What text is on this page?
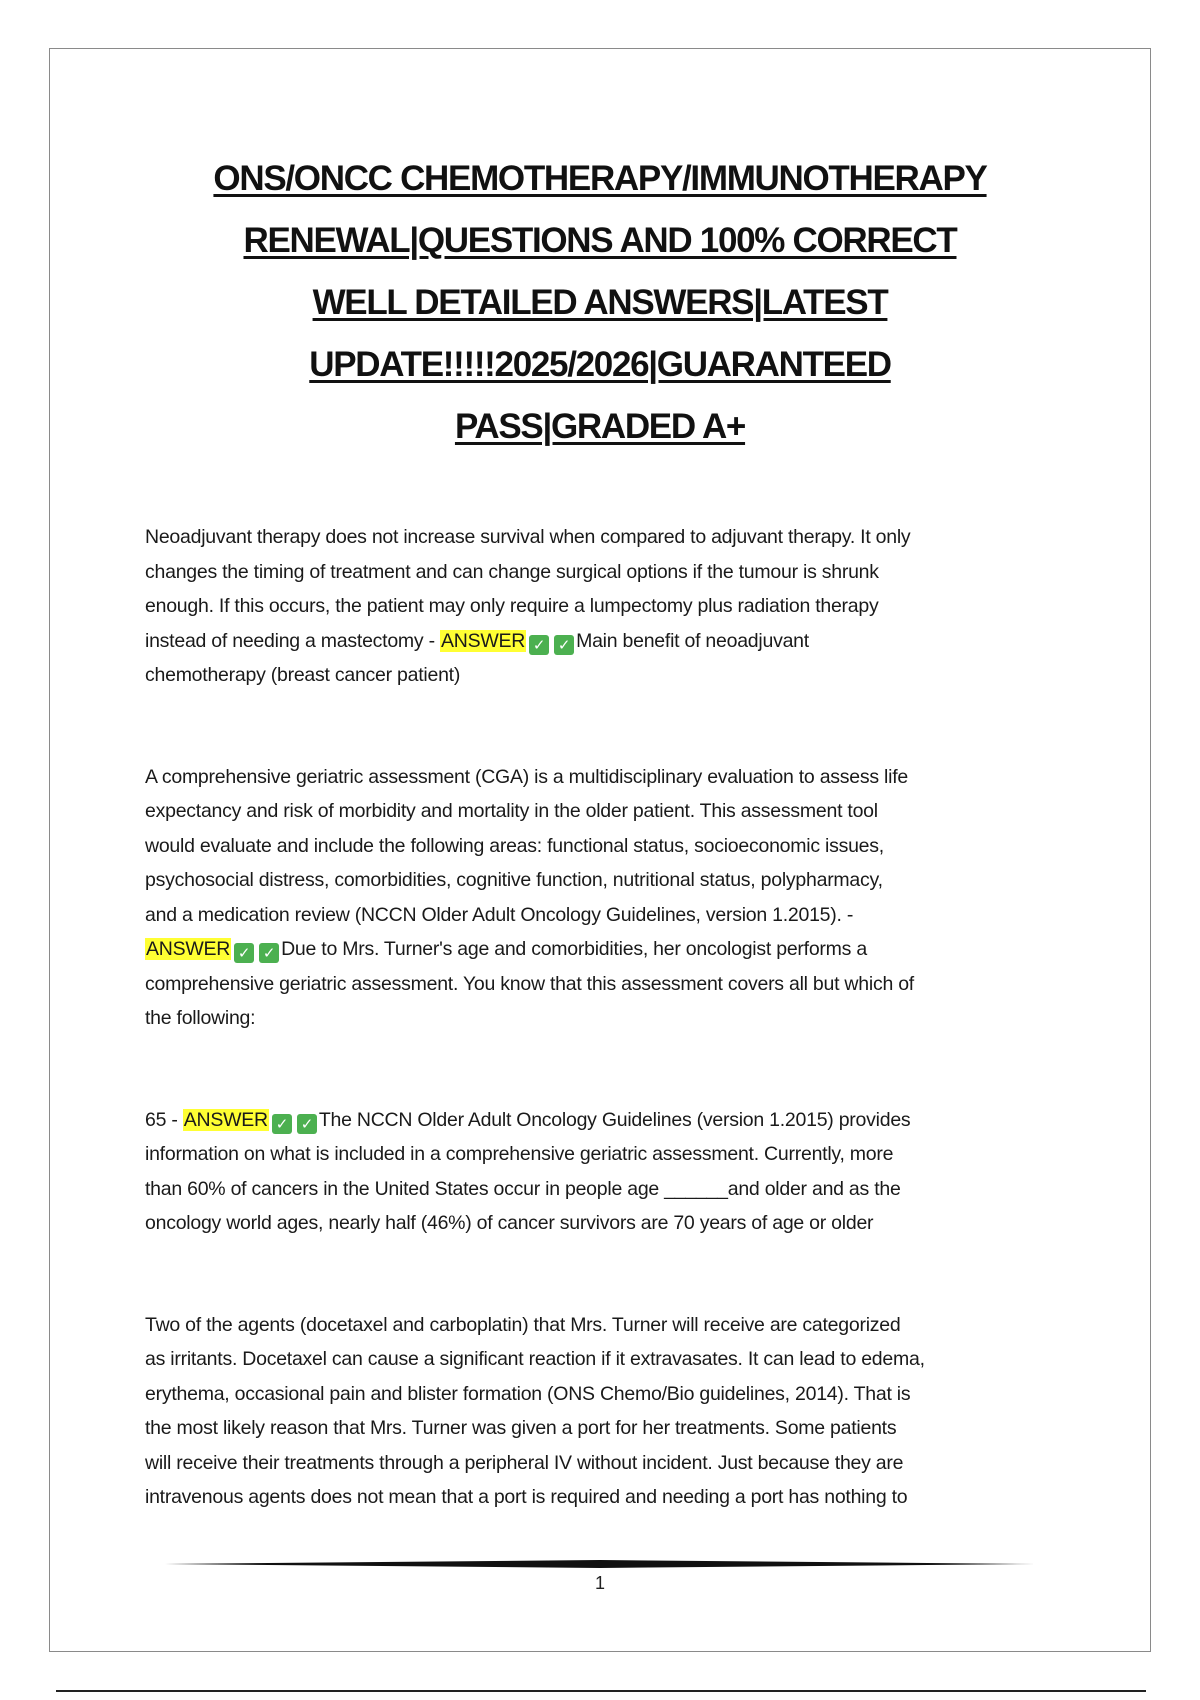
ONS/ONCC CHEMOTHERAPY/IMMUNOTHERAPY
RENEWAL|QUESTIONS AND 100% CORRECT
WELL DETAILED ANSWERS|LATEST
UPDATE!!!!!2025/2026|GUARANTEED
PASS|GRADED A+
Neoadjuvant therapy does not increase survival when compared to adjuvant therapy. It only
changes the timing of treatment and can change surgical options if the tumour is shrunk
enough. If this occurs, the patient may only require a lumpectomy plus radiation therapy
instead of needing a mastectomy - ANSWER ✓ ✓ Main benefit of neoadjuvant
chemotherapy (breast cancer patient)
A comprehensive geriatric assessment (CGA) is a multidisciplinary evaluation to assess life
expectancy and risk of morbidity and mortality in the older patient. This assessment tool
would evaluate and include the following areas: functional status, socioeconomic issues,
psychosocial distress, comorbidities, cognitive function, nutritional status, polypharmacy,
and a medication review (NCCN Older Adult Oncology Guidelines, version 1.2015). -
ANSWER ✓ ✓ Due to Mrs. Turner's age and comorbidities, her oncologist performs a
comprehensive geriatric assessment. You know that this assessment covers all but which of
the following:
65 - ANSWER ✓ ✓ The NCCN Older Adult Oncology Guidelines (version 1.2015) provides
information on what is included in a comprehensive geriatric assessment. Currently, more
than 60% of cancers in the United States occur in people age ______and older and as the
oncology world ages, nearly half (46%) of cancer survivors are 70 years of age or older
Two of the agents (docetaxel and carboplatin) that Mrs. Turner will receive are categorized
as irritants. Docetaxel can cause a significant reaction if it extravasates. It can lead to edema,
erythema, occasional pain and blister formation (ONS Chemo/Bio guidelines, 2014). That is
the most likely reason that Mrs. Turner was given a port for her treatments. Some patients
will receive their treatments through a peripheral IV without incident. Just because they are
intravenous agents does not mean that a port is required and needing a port has nothing to
1
